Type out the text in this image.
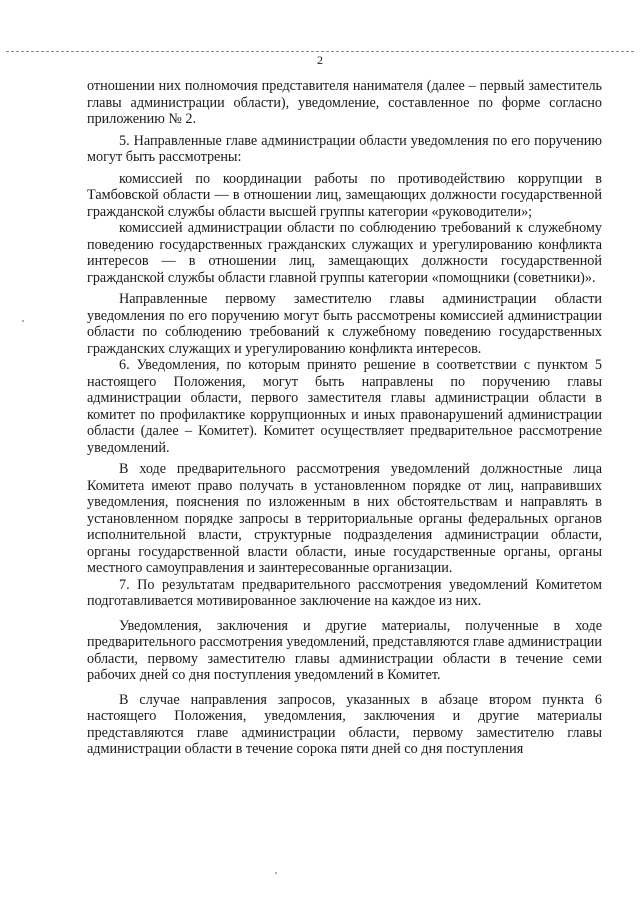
2

отношении них полномочия представителя нанимателя (далее – первый заместитель главы администрации области), уведомление, составленное по форме согласно приложению № 2.

5. Направленные главе администрации области уведомления по его поручению могут быть рассмотрены:

комиссией по координации работы по противодействию коррупции в Тамбовской области — в отношении лиц, замещающих должности государственной гражданской службы области высшей группы категории «руководители»;

комиссией администрации области по соблюдению требований к служебному поведению государственных гражданских служащих и урегулированию конфликта интересов — в отношении лиц, замещающих должности государственной гражданской службы области главной группы категории «помощники (советники)».

Направленные первому заместителю главы администрации области уведомления по его поручению могут быть рассмотрены комиссией администрации области по соблюдению требований к служебному поведению государственных гражданских служащих и урегулированию конфликта интересов.

6. Уведомления, по которым принято решение в соответствии с пунктом 5 настоящего Положения, могут быть направлены по поручению главы администрации области, первого заместителя главы администрации области в комитет по профилактике коррупционных и иных правонарушений администрации области (далее – Комитет). Комитет осуществляет предварительное рассмотрение уведомлений.

В ходе предварительного рассмотрения уведомлений должностные лица Комитета имеют право получать в установленном порядке от лиц, направивших уведомления, пояснения по изложенным в них обстоятельствам и направлять в установленном порядке запросы в территориальные органы федеральных органов исполнительной власти, структурные подразделения администрации области, органы государственной власти области, иные государственные органы, органы местного самоуправления и заинтересованные организации.

7. По результатам предварительного рассмотрения уведомлений Комитетом подготавливается мотивированное заключение на каждое из них.

Уведомления, заключения и другие материалы, полученные в ходе предварительного рассмотрения уведомлений, представляются главе администрации области, первому заместителю главы администрации области в течение семи рабочих дней со дня поступления уведомлений в Комитет.

В случае направления запросов, указанных в абзаце втором пункта 6 настоящего Положения, уведомления, заключения и другие материалы представляются главе администрации области, первому заместителю главы администрации области в течение сорока пяти дней со дня поступления
